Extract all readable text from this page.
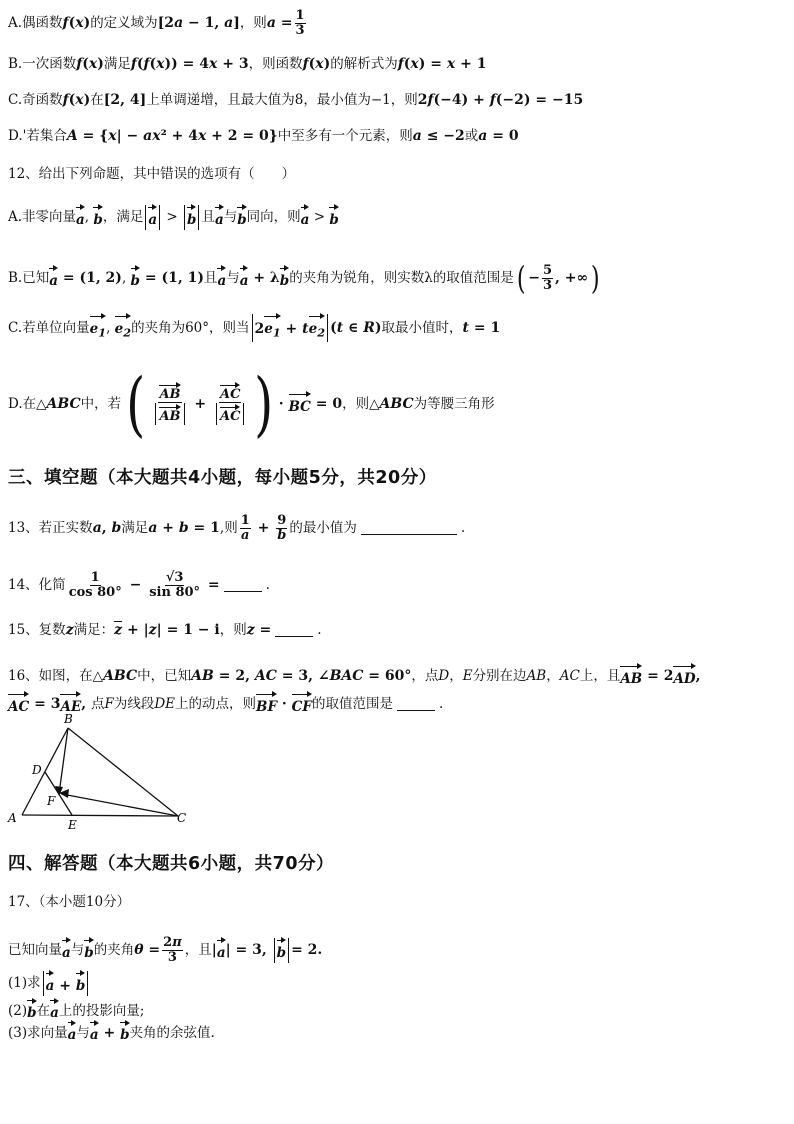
A.偶函数 f(x) 的定义域为 [2a − 1, a] ，则 $a = \frac{1}{3}$
B.一次函数 f(x) 满足 f(f(x)) = 4x + 3 ，则函数 f(x) 的解析式为 f(x) = x + 1
C.奇函数 f(x) 在 [2, 4] 上单调递增，且最大值为8，最小值为−1，则 2f(−4) + f(−2) = −15
D.'若集合 A = {x| − ax² + 4x + 2 = 0} 中至多有一个元素，则 a ≤ −2 或 a = 0
12、给出下列命题，其中错误的选项有（　　）
A.非零向量 a , b ，满足 a > b 且 a 与 b 同向，则 a > b
B.已知 a = (1, 2) , b = (1, 1) 且 a 与 a + λ b 的夹角为锐角，则实数λ的取值范围是 ( − $\frac{5}{3}$ , +∞ )
C.若单位向量 $e_1$ , $e_2$ 的夹角为60°，则当 $2e_1 + te_2$ (t ∈ R) 取最小值时， t = 1
D.在△ ABC 中，若 ( $\frac{AB}{AB} + \frac{AC}{AC}$ ) · BC = 0 ，则△ ABC 为等腰三角形
三、填空题（本大题共4小题，每小题5分，共20分）
13、若正实数 a , b 满足 a + b = 1 ,则 $\frac{1}{a} + \frac{9}{b}$ 的最小值为	.
14、化简 $\frac{1}{\cos 80^\circ} - \frac{√3}{\sin 80^\circ}$ =	.
15、复数 z 满足： $\overline{z} + |z| = 1 - i$ ，则 z =	.
16、如图，在△ ABC 中，已知 AB = 2, AC = 3, ∠BAC = 60° ，点 D ， E 分别在边 AB ， AC 上，且 AB = 2 AD ,
AC = 3 AE , 点 F 为线段 DE 上的动点，则 BF · CF 的取值范围是	.
B
D
F
A	E	C
四、解答题（本大题共6小题，共70分）
17、（本小题10分）
已知向量 a 与 b 的夹角 $\theta = \frac{2\pi}{3}$ ，且 | a | = 3, b = 2.
(1)求 a + b
(2) b 在 a 上的投影向量;
(3)求向量 a 与 a + b 夹角的余弦值.
